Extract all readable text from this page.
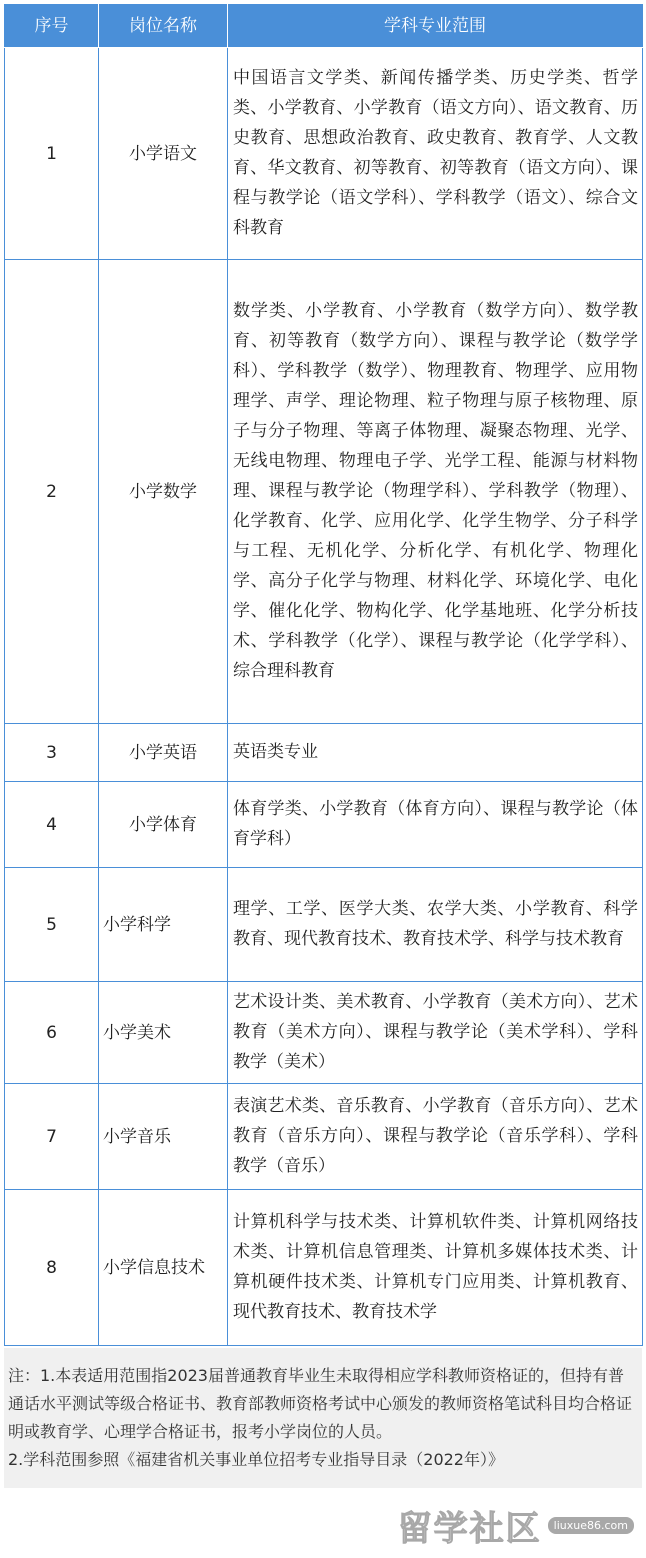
序号	岗位名称	学科专业范围
1	小学语文	中国语言文学类、新闻传播学类、历史学类、哲学类、小学教育、小学教育（语文方向）、语文教育、历史教育、思想政治教育、政史教育、教育学、人文教育、华文教育、初等教育、初等教育（语文方向）、课程与教学论（语文学科）、学科教学（语文）、综合文科教育
2	小学数学	数学类、小学教育、小学教育（数学方向）、数学教育、初等教育（数学方向）、课程与教学论（数学学科）、学科教学（数学）、物理教育、物理学、应用物理学、声学、理论物理、粒子物理与原子核物理、原子与分子物理、等离子体物理、凝聚态物理、光学、无线电物理、物理电子学、光学工程、能源与材料物理、课程与教学论（物理学科）、学科教学（物理）、化学教育、化学、应用化学、化学生物学、分子科学与工程、无机化学、分析化学、有机化学、物理化学、高分子化学与物理、材料化学、环境化学、电化学、催化化学、物构化学、化学基地班、化学分析技术、学科教学（化学）、课程与教学论（化学学科）、综合理科教育
3	小学英语	英语类专业
4	小学体育	体育学类、小学教育（体育方向）、课程与教学论（体育学科）
5	小学科学	理学、工学、医学大类、农学大类、小学教育、科学教育、现代教育技术、教育技术学、科学与技术教育
6	小学美术	艺术设计类、美术教育、小学教育（美术方向）、艺术教育（美术方向）、课程与教学论（美术学科）、学科教学（美术）
7	小学音乐	表演艺术类、音乐教育、小学教育（音乐方向）、艺术教育（音乐方向）、课程与教学论（音乐学科）、学科教学（音乐）
8	小学信息技术	计算机科学与技术类、计算机软件类、计算机网络技术类、计算机信息管理类、计算机多媒体技术类、计算机硬件技术类、计算机专门应用类、计算机教育、现代教育技术、教育技术学

注：1.本表适用范围指2023届普通教育毕业生未取得相应学科教师资格证的，但持有普通话水平测试等级合格证书、教育部教师资格考试中心颁发的教师资格笔试科目均合格证明或教育学、心理学合格证书，报考小学岗位的人员。

2.学科范围参照《福建省机关事业单位招考专业指导目录（2022年）》

留学社区	liuxue86.com
